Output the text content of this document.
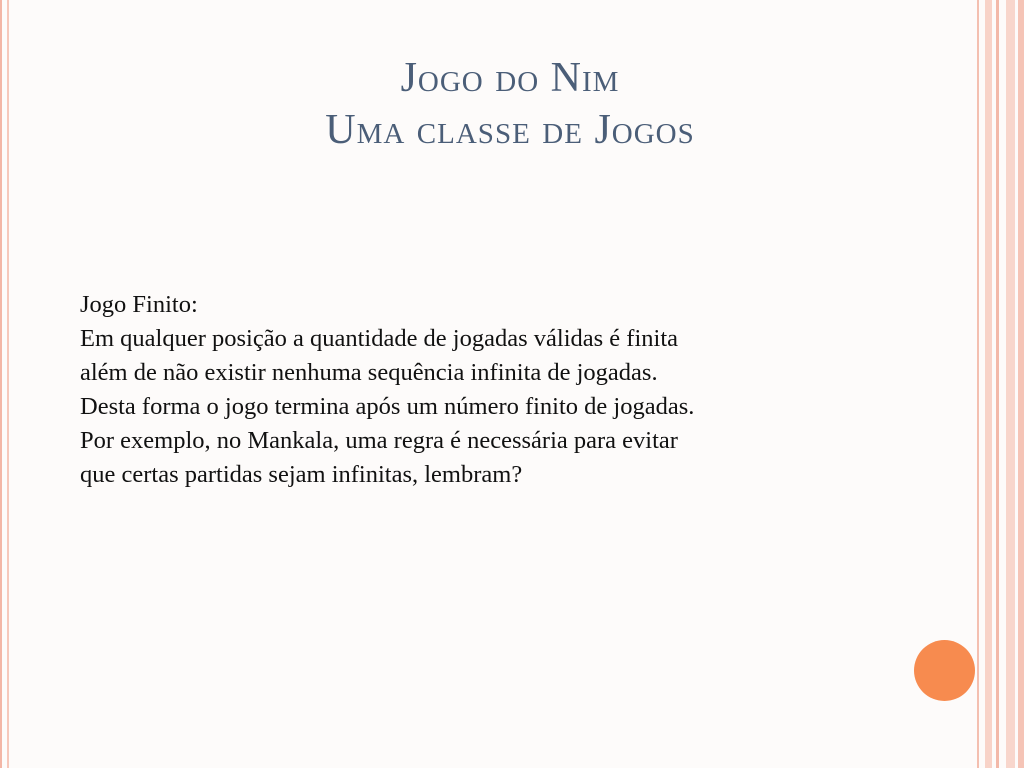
Jogo do Nim
Uma classe de Jogos
Jogo Finito:
Em qualquer posição a quantidade de jogadas válidas é finita
além de não existir nenhuma sequência infinita de jogadas.
Desta forma o jogo termina após um número finito de jogadas.
Por exemplo, no Mankala, uma regra é necessária para evitar
que certas partidas sejam infinitas, lembram?
